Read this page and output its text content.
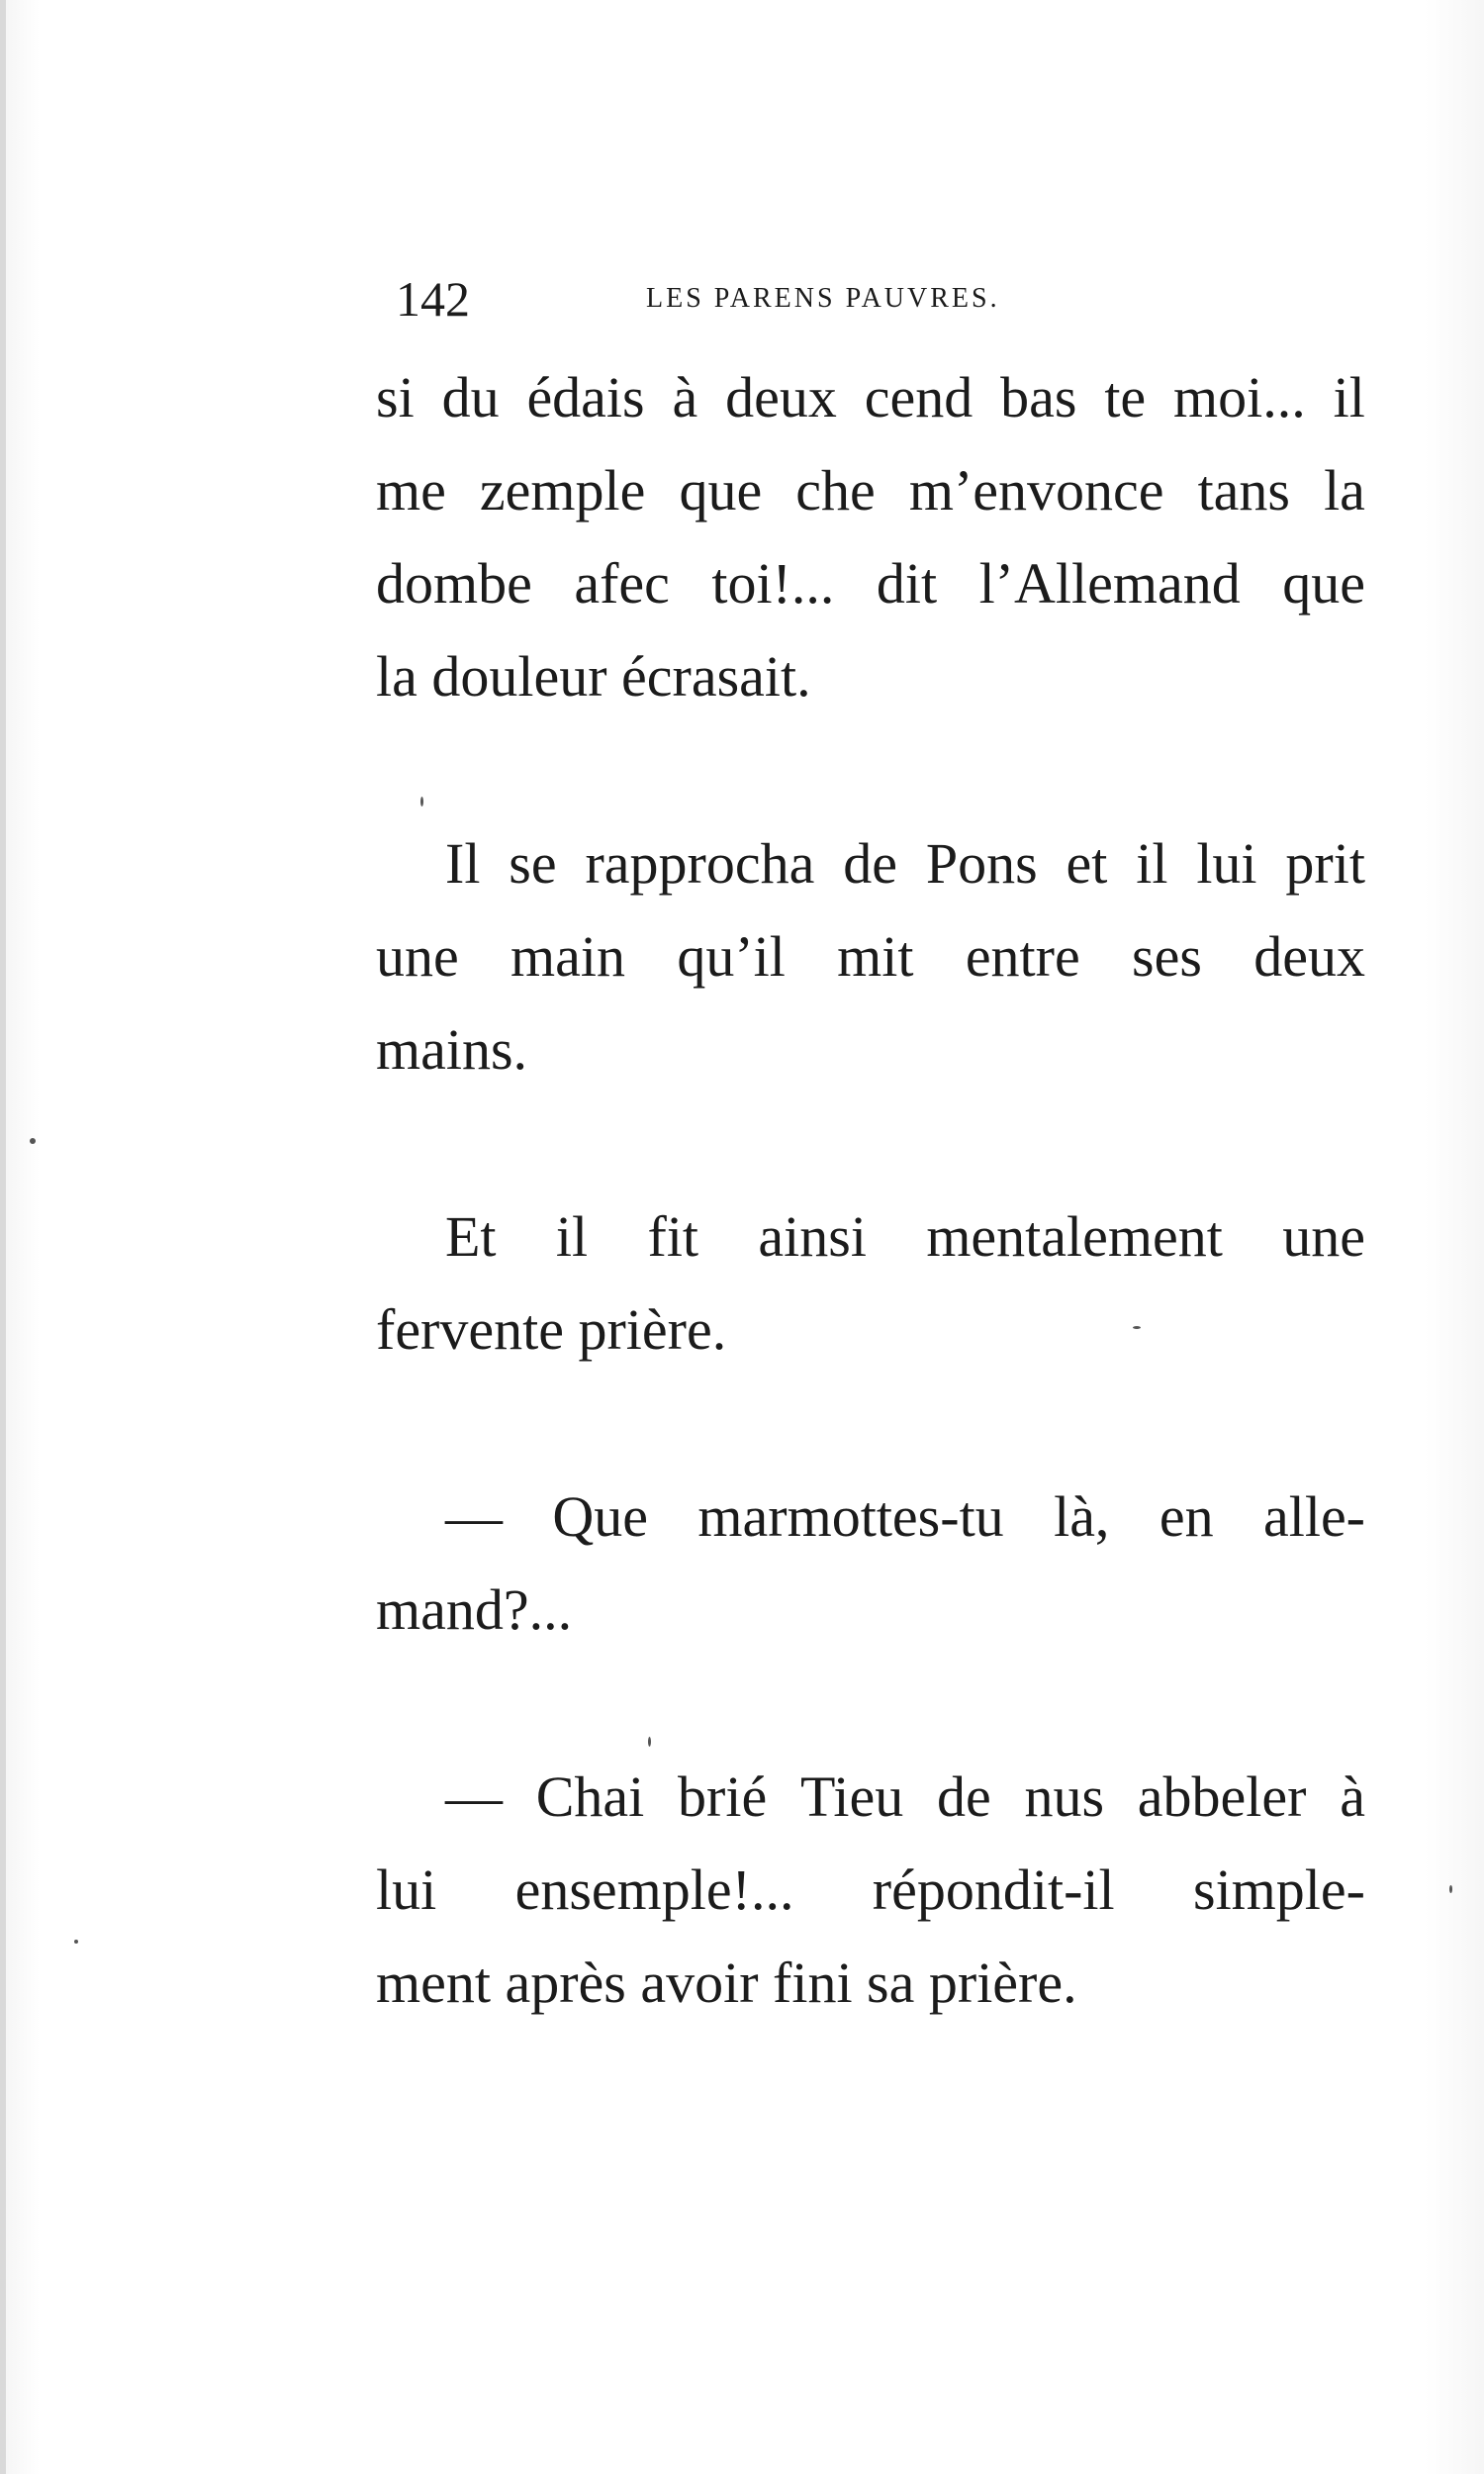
142	LES PARENS PAUVRES.
si du édais à deux cend bas te moi... il
me zemple que che m’envonce tans la
dombe afec toi!... dit l’Allemand que
la douleur écrasait.
Il se rapprocha de Pons et il lui prit
une main qu’il mit entre ses deux
mains.
Et il fit ainsi mentalement une
fervente prière.
— Que marmottes-tu là, en alle-
mand?...
— Chai brié Tieu de nus abbeler à
lui ensemple!... répondit-il simple-
ment après avoir fini sa prière.
